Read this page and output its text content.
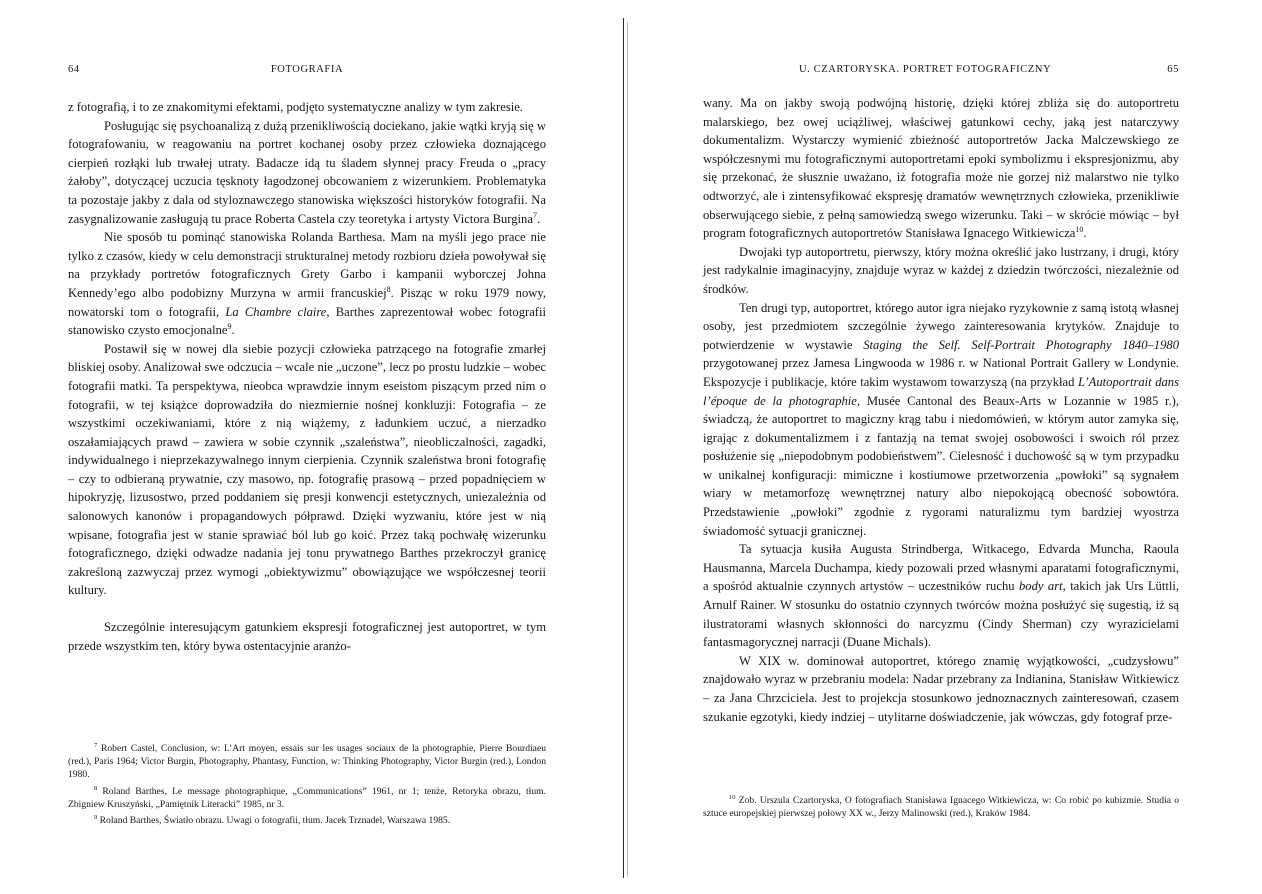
64	FOTOGRAFIA

z fotografią, i to ze znakomitymi efektami, podjęto systematyczne analizy w tym zakresie.

Posługując się psychoanalizą z dużą przenikliwością dociekano, jakie wątki kryją się w fotografowaniu, w reagowaniu na portret kochanej osoby przez człowieka doznającego cierpień rozłąki lub trwałej utraty. Badacze idą tu śladem słynnej pracy Freuda o „pracy żałoby”, dotyczącej uczucia tęsknoty łagodzonej obcowaniem z wizerunkiem. Problematyka ta pozostaje jakby z dala od styloznawczego stanowiska większości historyków fotografii. Na zasygnalizowanie zasługują tu prace Roberta Castela czy teoretyka i artysty Victora Burgina$^7$.

Nie sposób tu pominąć stanowiska Rolanda Barthesa. Mam na myśli jego prace nie tylko z czasów, kiedy w celu demonstracji strukturalnej metody rozbioru dzieła powoływał się na przykłady portretów fotograficznych Grety Garbo i kampanii wyborczej Johna Kennedy’ego albo podobizny Murzyna w armii francuskiej$^8$. Pisząc w roku 1979 nowy, nowatorski tom o fotografii, La Chambre claire, Barthes zaprezentował wobec fotografii stanowisko czysto emocjonalne$^9$.

Postawił się w nowej dla siebie pozycji człowieka patrzącego na fotografie zmarłej bliskiej osoby. Analizował swe odczucia – wcale nie „uczone”, lecz po prostu ludzkie – wobec fotografii matki. Ta perspektywa, nieobca wprawdzie innym eseistom piszącym przed nim o fotografii, w tej książce doprowadziła do niezmiernie nośnej konkluzji: Fotografia – ze wszystkimi oczekiwaniami, które z nią wiążemy, z ładunkiem uczuć, a nierzadko oszałamiających prawd – zawiera w sobie czynnik „szaleństwa”, nieobliczalności, zagadki, indywidualnego i nieprzekazywalnego innym cierpienia. Czynnik szaleństwa broni fotografię – czy to odbieraną prywatnie, czy masowo, np. fotografię prasową – przed popadnięciem w hipokryzję, lizusostwo, przed poddaniem się presji konwencji estetycznych, uniezależnia od salonowych kanonów i propagandowych półprawd. Dzięki wyzwaniu, które jest w nią wpisane, fotografia jest w stanie sprawiać ból lub go koić. Przez taką pochwałę wizerunku fotograficznego, dzięki odwadze nadania jej tonu prywatnego Barthes przekroczył granicę zakreśloną zazwyczaj przez wymogi „obiektywizmu” obowiązujące we współczesnej teorii kultury.

Szczególnie interesującym gatunkiem ekspresji fotograficznej jest autoportret, w tym przede wszystkim ten, który bywa ostentacyjnie aranżo-

$^7$ Robert Castel, Conclusion, w: L’Art moyen, essais sur les usages sociaux de la photographie, Pierre Bourdiaeu (red.), Paris 1964; Victor Burgin, Photography, Phantasy, Function, w: Thinking Photography, Victor Burgin (red.), London 1980.

$^8$ Roland Barthes, Le message photographique, „Communications” 1961, nr 1; tenże, Retoryka obrazu, tłum. Zbigniew Kruszyński, „Pamiętnik Literacki” 1985, nr 3.

$^9$ Roland Barthes, Światło obrazu. Uwagi o fotografii, tłum. Jacek Trznadel, Warszawa 1985.

U. CZARTORYSKA. PORTRET FOTOGRAFICZNY	65

wany. Ma on jakby swoją podwójną historię, dzięki której zbliża się do autoportretu malarskiego, bez owej uciążliwej, właściwej gatunkowi cechy, jaką jest natarczywy dokumentalizm. Wystarczy wymienić zbieżność autoportretów Jacka Malczewskiego ze współczesnymi mu fotograficznymi autoportretami epoki symbolizmu i ekspresjonizmu, aby się przekonać, że słusznie uważano, iż fotografia może nie gorzej niż malarstwo nie tylko odtworzyć, ale i zintensyfikować ekspresję dramatów wewnętrznych człowieka, przenikliwie obserwującego siebie, z pełną samowiedzą swego wizerunku. Taki – w skrócie mówiąc – był program fotograficznych autoportretów Stanisława Ignacego Witkiewicza$^{10}$.

Dwojaki typ autoportretu, pierwszy, który można określić jako lustrzany, i drugi, który jest radykalnie imaginacyjny, znajduje wyraz w każdej z dziedzin twórczości, niezależnie od środków.

Ten drugi typ, autoportret, którego autor igra niejako ryzykownie z samą istotą własnej osoby, jest przedmiotem szczególnie żywego zainteresowania krytyków. Znajduje to potwierdzenie w wystawie Staging the Self. Self-Portrait Photography 1840–1980 przygotowanej przez Jamesa Lingwooda w 1986 r. w National Portrait Gallery w Londynie. Ekspozycje i publikacje, które takim wystawom towarzyszą (na przykład L’Autoportrait dans l’époque de la photographie, Musée Cantonal des Beaux-Arts w Lozannie w 1985 r.), świadczą, że autoportret to magiczny krąg tabu i niedomówień, w którym autor zamyka się, igrając z dokumentalizmem i z fantazją na temat swojej osobowości i swoich ról przez posłużenie się „niepodobnym podobieństwem”. Cielesność i duchowość są w tym przypadku w unikalnej konfiguracji: mimiczne i kostiumowe przetworzenia „powłoki” są sygnałem wiary w metamorfozę wewnętrznej natury albo niepokojącą obecność sobowtóra. Przedstawienie „powłoki” zgodnie z rygorami naturalizmu tym bardziej wyostrza świadomość sytuacji granicznej.

Ta sytuacja kusiła Augusta Strindberga, Witkacego, Edvarda Muncha, Raoula Hausmanna, Marcela Duchampa, kiedy pozowali przed własnymi aparatami fotograficznymi, a spośród aktualnie czynnych artystów – uczestników ruchu body art, takich jak Urs Lüttli, Arnulf Rainer. W stosunku do ostatnio czynnych twórców można posłużyć się sugestią, iż są ilustratorami własnych skłonności do narcyzmu (Cindy Sherman) czy wyrazicielami fantasmagorycznej narracji (Duane Michals).

W XIX w. dominował autoportret, którego znamię wyjątkowości, „cudzysłowu” znajdowało wyraz w przebraniu modela: Nadar przebrany za Indianina, Stanisław Witkiewicz – za Jana Chrzciciela. Jest to projekcja stosunkowo jednoznacznych zainteresowań, czasem szukanie egzotyki, kiedy indziej – utylitarne doświadczenie, jak wówczas, gdy fotograf prze-

$^{10}$ Zob. Urszula Czartoryska, O fotografiach Stanisława Ignacego Witkiewicza, w: Co robić po kubizmie. Studia o sztuce europejskiej pierwszej połowy XX w., Jerzy Malinowski (red.), Kraków 1984.
